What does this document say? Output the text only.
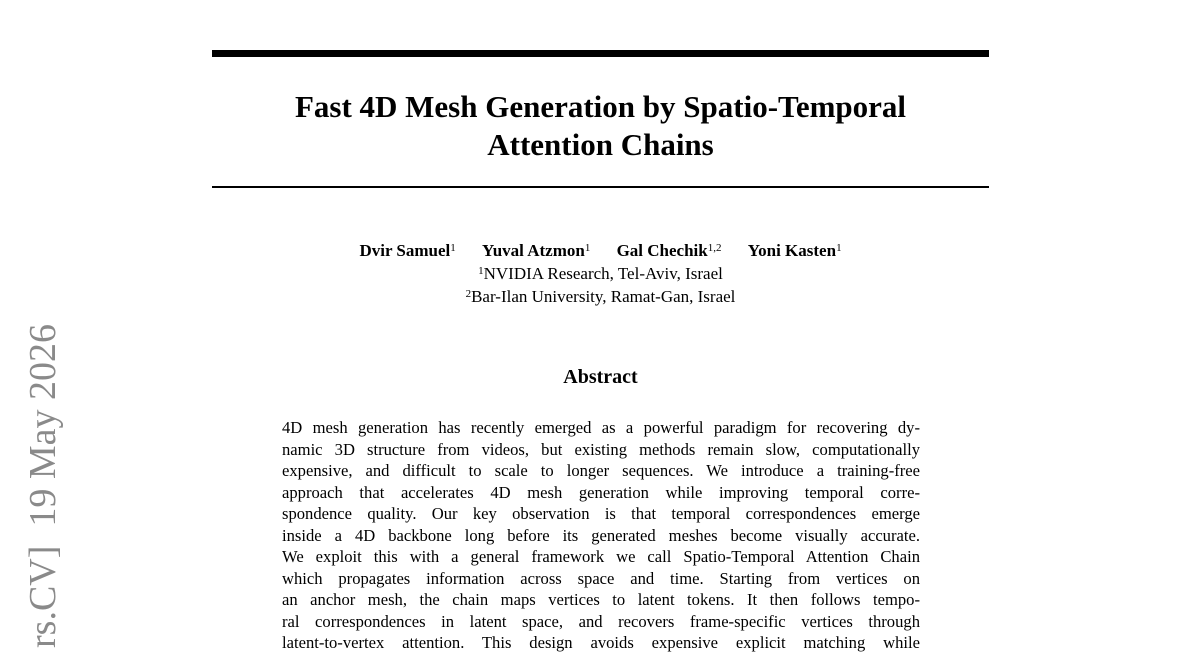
Fast 4D Mesh Generation by Spatio-Temporal
Attention Chains
Dvir Samuel$^1$ Yuval Atzmon$^1$ Gal Chechik$^{1,2}$ Yoni Kasten$^1$
$^1$NVIDIA Research, Tel-Aviv, Israel
$^2$Bar-Ilan University, Ramat-Gan, Israel
Abstract
4D mesh generation has recently emerged as a powerful paradigm for recovering dy-
namic 3D structure from videos, but existing methods remain slow, computationally
expensive, and difficult to scale to longer sequences. We introduce a training-free
approach that accelerates 4D mesh generation while improving temporal corre-
spondence quality. Our key observation is that temporal correspondences emerge
inside a 4D backbone long before its generated meshes become visually accurate.
We exploit this with a general framework we call Spatio-Temporal Attention Chain
which propagates information across space and time. Starting from vertices on
an anchor mesh, the chain maps vertices to latent tokens. It then follows tempo-
ral correspondences in latent space, and recovers frame-specific vertices through
latent-to-vertex attention. This design avoids expensive explicit matching while
rs.CV]  19 May 2026
